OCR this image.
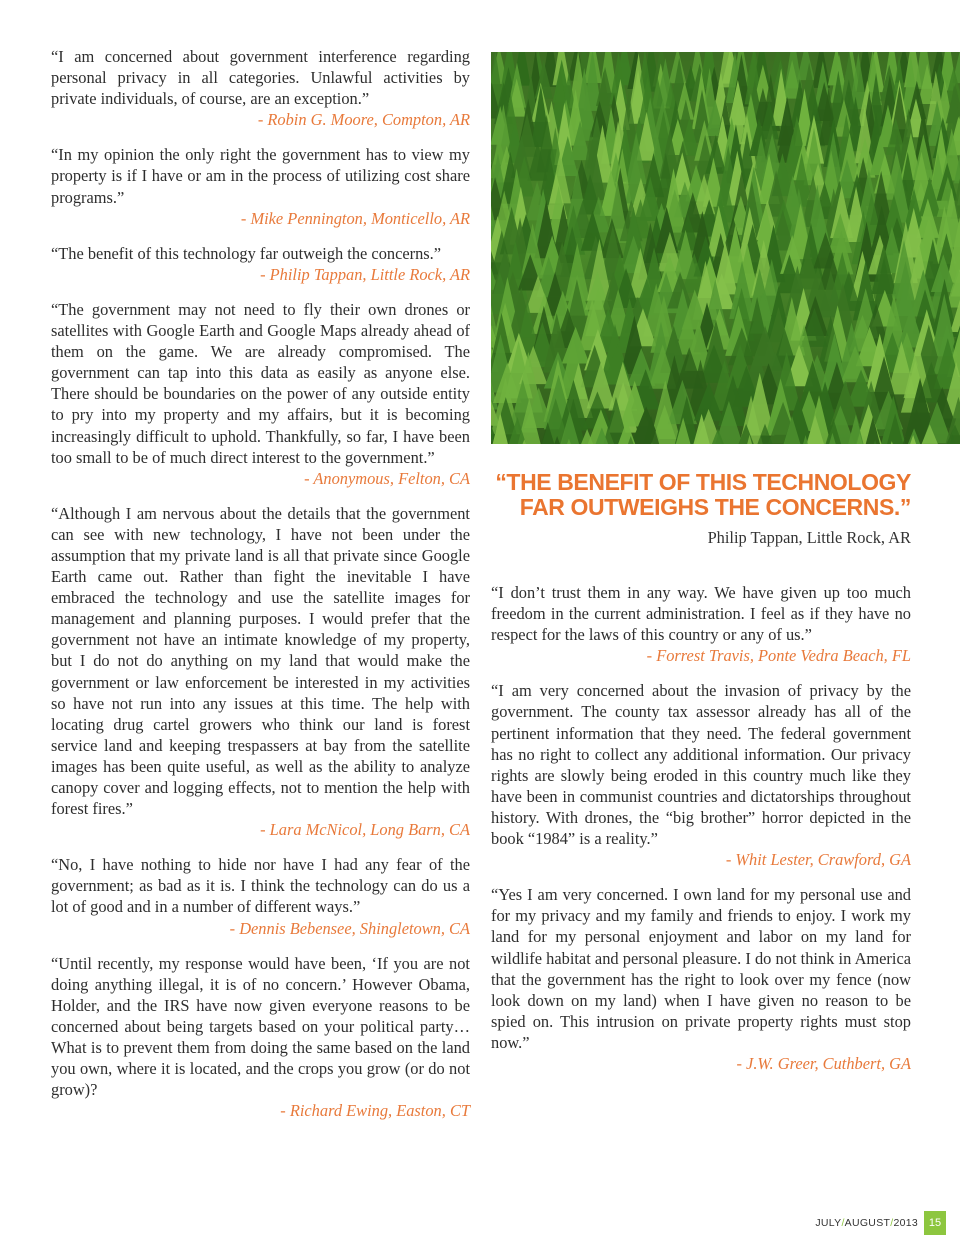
“I am concerned about government interference regarding personal privacy in all categories. Unlawful activities by private individuals, of course, are an exception.”

- Robin G. Moore, Compton, AR

“In my opinion the only right the government has to view my property is if I have or am in the process of utilizing cost share programs.”

- Mike Pennington, Monticello, AR

“The benefit of this technology far outweigh the concerns.”

- Philip Tappan, Little Rock, AR

“The government may not need to fly their own drones or satellites with Google Earth and Google Maps already ahead of them on the game. We are already compromised. The government can tap into this data as easily as anyone else. There should be boundaries on the power of any outside entity to pry into my property and my affairs, but it is becoming increasingly difficult to uphold. Thankfully, so far, I have been too small to be of much direct interest to the government.”

- Anonymous, Felton, CA

“Although I am nervous about the details that the government can see with new technology, I have not been under the assumption that my private land is all that private since Google Earth came out. Rather than fight the inevitable I have embraced the technology and use the satellite images for management and planning purposes. I would prefer that the government not have an intimate knowledge of my property, but I do not do anything on my land that would make the government or law enforcement be interested in my activities so have not run into any issues at this time. The help with locating drug cartel growers who think our land is forest service land and keeping trespassers at bay from the satellite images has been quite useful, as well as the ability to analyze canopy cover and logging effects, not to mention the help with forest fires.”

- Lara McNicol, Long Barn, CA

“No, I have nothing to hide nor have I had any fear of the government; as bad as it is. I think the technology can do us a lot of good and in a number of different ways.”

- Dennis Bebensee, Shingletown, CA

“Until recently, my response would have been, ‘If you are not doing anything illegal, it is of no concern.’ However Obama, Holder, and the IRS have now given everyone reasons to be concerned about being targets based on your political party… What is to prevent them from doing the same based on the land you own, where it is located, and the crops you grow (or do not grow)?

- Richard Ewing, Easton, CT

“THE BENEFIT OF THIS TECHNOLOGY FAR OUTWEIGHS THE CONCERNS.”

Philip Tappan, Little Rock, AR

“I don’t trust them in any way. We have given up too much freedom in the current administration. I feel as if they have no respect for the laws of this country or any of us.”

- Forrest Travis, Ponte Vedra Beach, FL

“I am very concerned about the invasion of privacy by the government. The county tax assessor already has all of the pertinent information that they need. The federal government has no right to collect any additional information. Our privacy rights are slowly being eroded in this country much like they have been in communist countries and dictatorships throughout history. With drones, the “big brother” horror depicted in the book “1984” is a reality.”

- Whit Lester, Crawford, GA

“Yes I am very concerned. I own land for my personal use and for my privacy and my family and friends to enjoy. I work my land for my personal enjoyment and labor on my land for wildlife habitat and personal pleasure. I do not think in America that the government has the right to look over my fence (now look down on my land) when I have given no reason to be spied on. This intrusion on private property rights must stop now.”

- J.W. Greer, Cuthbert, GA

JULY/AUGUST/2013 15
